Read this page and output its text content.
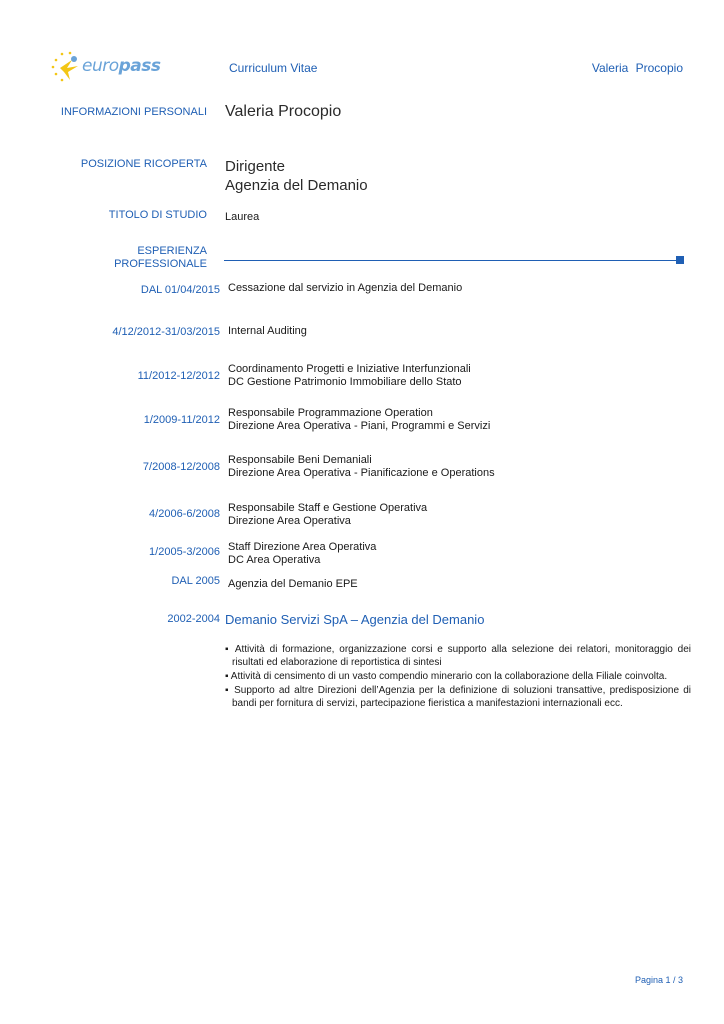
europass	Curriculum Vitae	Valeria Procopio
INFORMAZIONI PERSONALI Valeria Procopio
POSIZIONE RICOPERTA Dirigente
Agenzia del Demanio
TITOLO DI STUDIO Laurea
ESPERIENZA
PROFESSIONALE
DAL 01/04/2015 Cessazione dal servizio in Agenzia del Demanio
4/12/2012-31/03/2015 Internal Auditing
11/2012-12/2012
Coordinamento Progetti e Iniziative Interfunzionali
DC Gestione Patrimonio Immobiliare dello Stato
1/2009-11/2012
Responsabile Programmazione Operation
Direzione Area Operativa - Piani, Programmi e Servizi
7/2008-12/2008
Responsabile Beni Demaniali
Direzione Area Operativa - Pianificazione e Operations
4/2006-6/2008 Responsabile Staff e Gestione Operativa
Direzione Area Operativa
1/2005-3/2006 Staff Direzione Area Operativa
DC Area Operativa
DAL 2005 Agenzia del Demanio EPE
2002-2004 Demanio Servizi SpA – Agenzia del Demanio
▪ Attività di formazione, organizzazione corsi e supporto alla selezione dei relatori, monitoraggio dei risultati ed elaborazione di reportistica di sintesi
▪ Attività di censimento di un vasto compendio minerario con la collaborazione della Filiale coinvolta.
▪ Supporto ad altre Direzioni dell’Agenzia per la definizione di soluzioni transattive, predisposizione di bandi per fornitura di servizi, partecipazione fieristica a manifestazioni internazionali ecc.
Pagina 1 / 3
